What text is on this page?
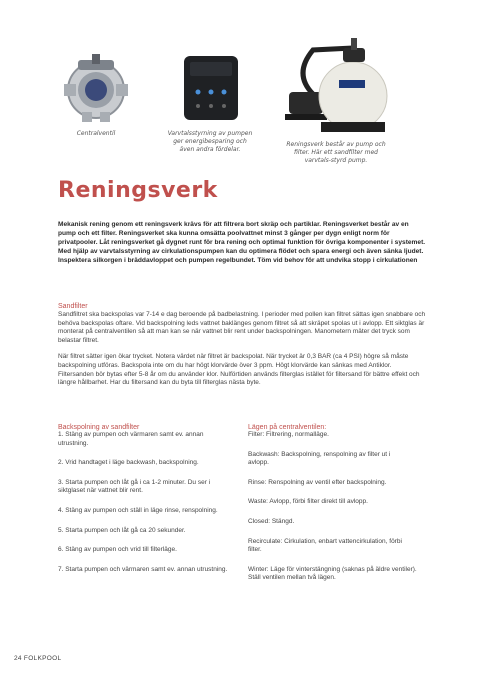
Centralventil	Varvtalsstyrning av pumpen ger energibesparing och även andra fördelar.
Reningsverk består av pump och filter. Här ett sandfilter med varvtals-styrd pump.
Reningsverk
Mekanisk rening genom ett reningsverk krävs för att filtrera bort skräp och partiklar. Reningsverket består av en pump och ett filter. Reningsverket ska kunna omsätta poolvattnet minst 3 gånger per dygn enligt norm för privatpooler. Låt reningsverket gå dygnet runt för bra rening och optimal funktion för övriga komponenter i systemet. Med hjälp av varvtalsstyrning av cirkulationspumpen kan du optimera flödet och spara energi och även sänka ljudet. Inspektera silkorgen i bräddavloppet och pumpen regelbundet. Töm vid behov för att undvika stopp i cirkulationen
Sandfilter
Sandfiltret ska backspolas var 7-14 e dag beroende på badbelastning. I perioder med pollen kan filtret sättas igen snabbare och behöva backspolas oftare. Vid backspolning leds vattnet baklänges genom filtret så att skräpet spolas ut i avlopp. Ett siktglas är monterat på centralventilen så att man kan se när vattnet blir rent under backspolningen. Manometern mäter det tryck som belastar filtret.
När filtret sätter igen ökar trycket. Notera värdet när filtret är backspolat. När trycket är 0,3 BAR (ca 4 PSI) högre så måste backspolning utföras. Backspola inte om du har högt klorvärde över 3 ppm. Högt klorvärde kan sänkas med Antiklor. Filtersanden bör bytas efter 5-8 år om du använder klor. Nulförtiden används filterglas istället för filtersand för bättre effekt och längre hållbarhet. Har du filtersand kan du byta till filterglas nästa byte.
Backspolning av sandfilter
1. Stäng av pumpen och värmaren samt ev. annan utrustning.
2. Vrid handtaget i läge backwash, backspolning.
3. Starta pumpen och låt gå i ca 1-2 minuter. Du ser i siktglaset när vattnet blir rent.
4. Stäng av pumpen och ställ in läge rinse, renspolning.
5. Starta pumpen och låt gå ca 20 sekunder.
6. Stäng av pumpen och vrid till filterläge.
7. Starta pumpen och värmaren samt ev. annan utrustning.
Lägen på centralventilen:
Filter: Filtrering, normalläge.
Backwash: Backspolning, renspolning av filter ut i avlopp.
Rinse: Renspolning av ventil efter backspolning.
Waste: Avlopp, förbi filter direkt till avlopp.
Closed: Stängd.
Recirculate: Cirkulation, enbart vattencirkulation, förbi filter.
Winter: Läge för vinterstängning (saknas på äldre ventiler). Ställ ventilen mellan två lägen.
24 FOLKPOOL
